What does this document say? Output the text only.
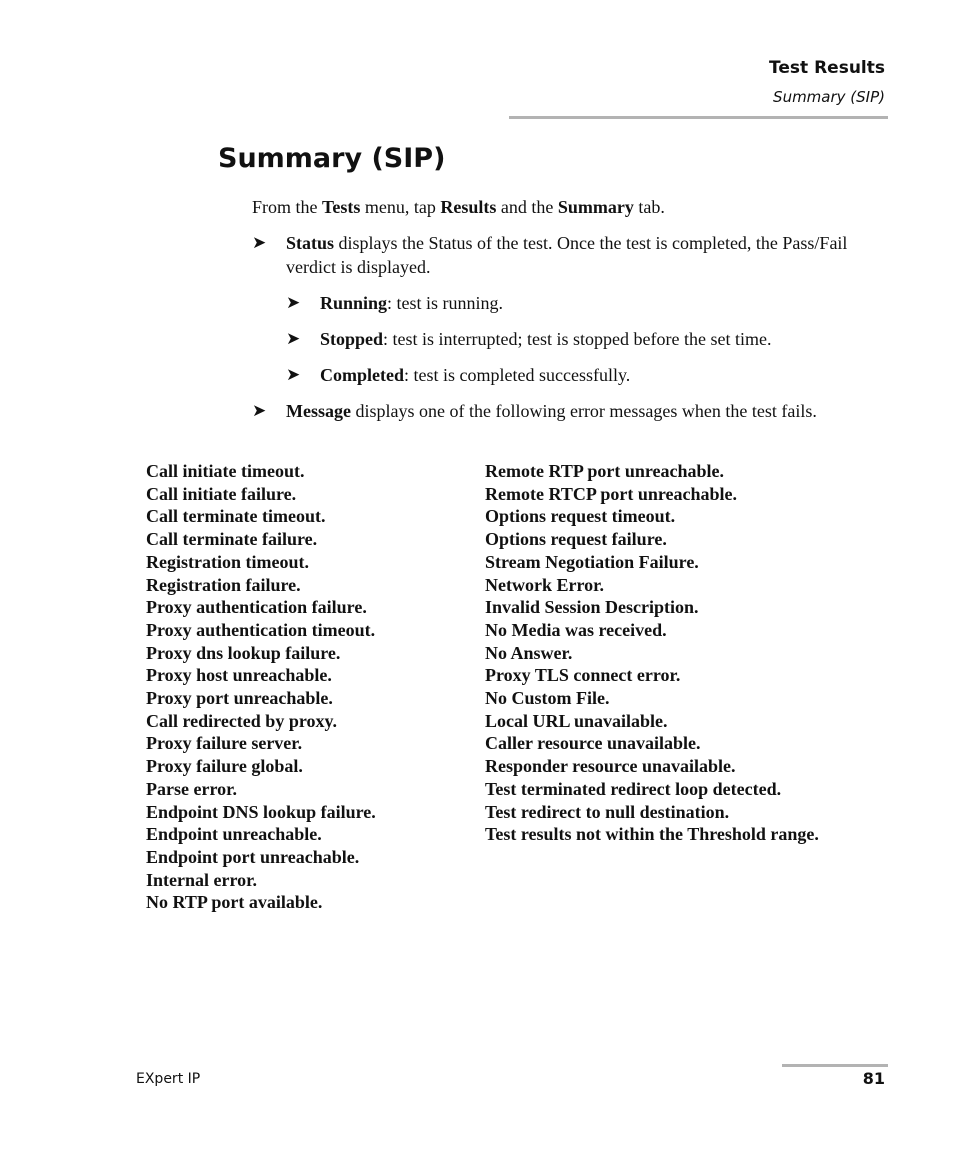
Test Results
Summary (SIP)
Summary (SIP)
From the Tests menu, tap Results and the Summary tab.
➤ Status displays the Status of the test. Once the test is completed, the Pass/Fail verdict is displayed.
➤ Running: test is running.
➤ Stopped: test is interrupted; test is stopped before the set time.
➤ Completed: test is completed successfully.
➤ Message displays one of the following error messages when the test fails.
Call initiate timeout.
Call initiate failure.
Call terminate timeout.
Call terminate failure.
Registration timeout.
Registration failure.
Proxy authentication failure.
Proxy authentication timeout.
Proxy dns lookup failure.
Proxy host unreachable.
Proxy port unreachable.
Call redirected by proxy.
Proxy failure server.
Proxy failure global.
Parse error.
Endpoint DNS lookup failure.
Endpoint unreachable.
Endpoint port unreachable.
Internal error.
No RTP port available.
Remote RTP port unreachable.
Remote RTCP port unreachable.
Options request timeout.
Options request failure.
Stream Negotiation Failure.
Network Error.
Invalid Session Description.
No Media was received.
No Answer.
Proxy TLS connect error.
No Custom File.
Local URL unavailable.
Caller resource unavailable.
Responder resource unavailable.
Test terminated redirect loop detected.
Test redirect to null destination.
Test results not within the Threshold range.
EXpert IP	81
